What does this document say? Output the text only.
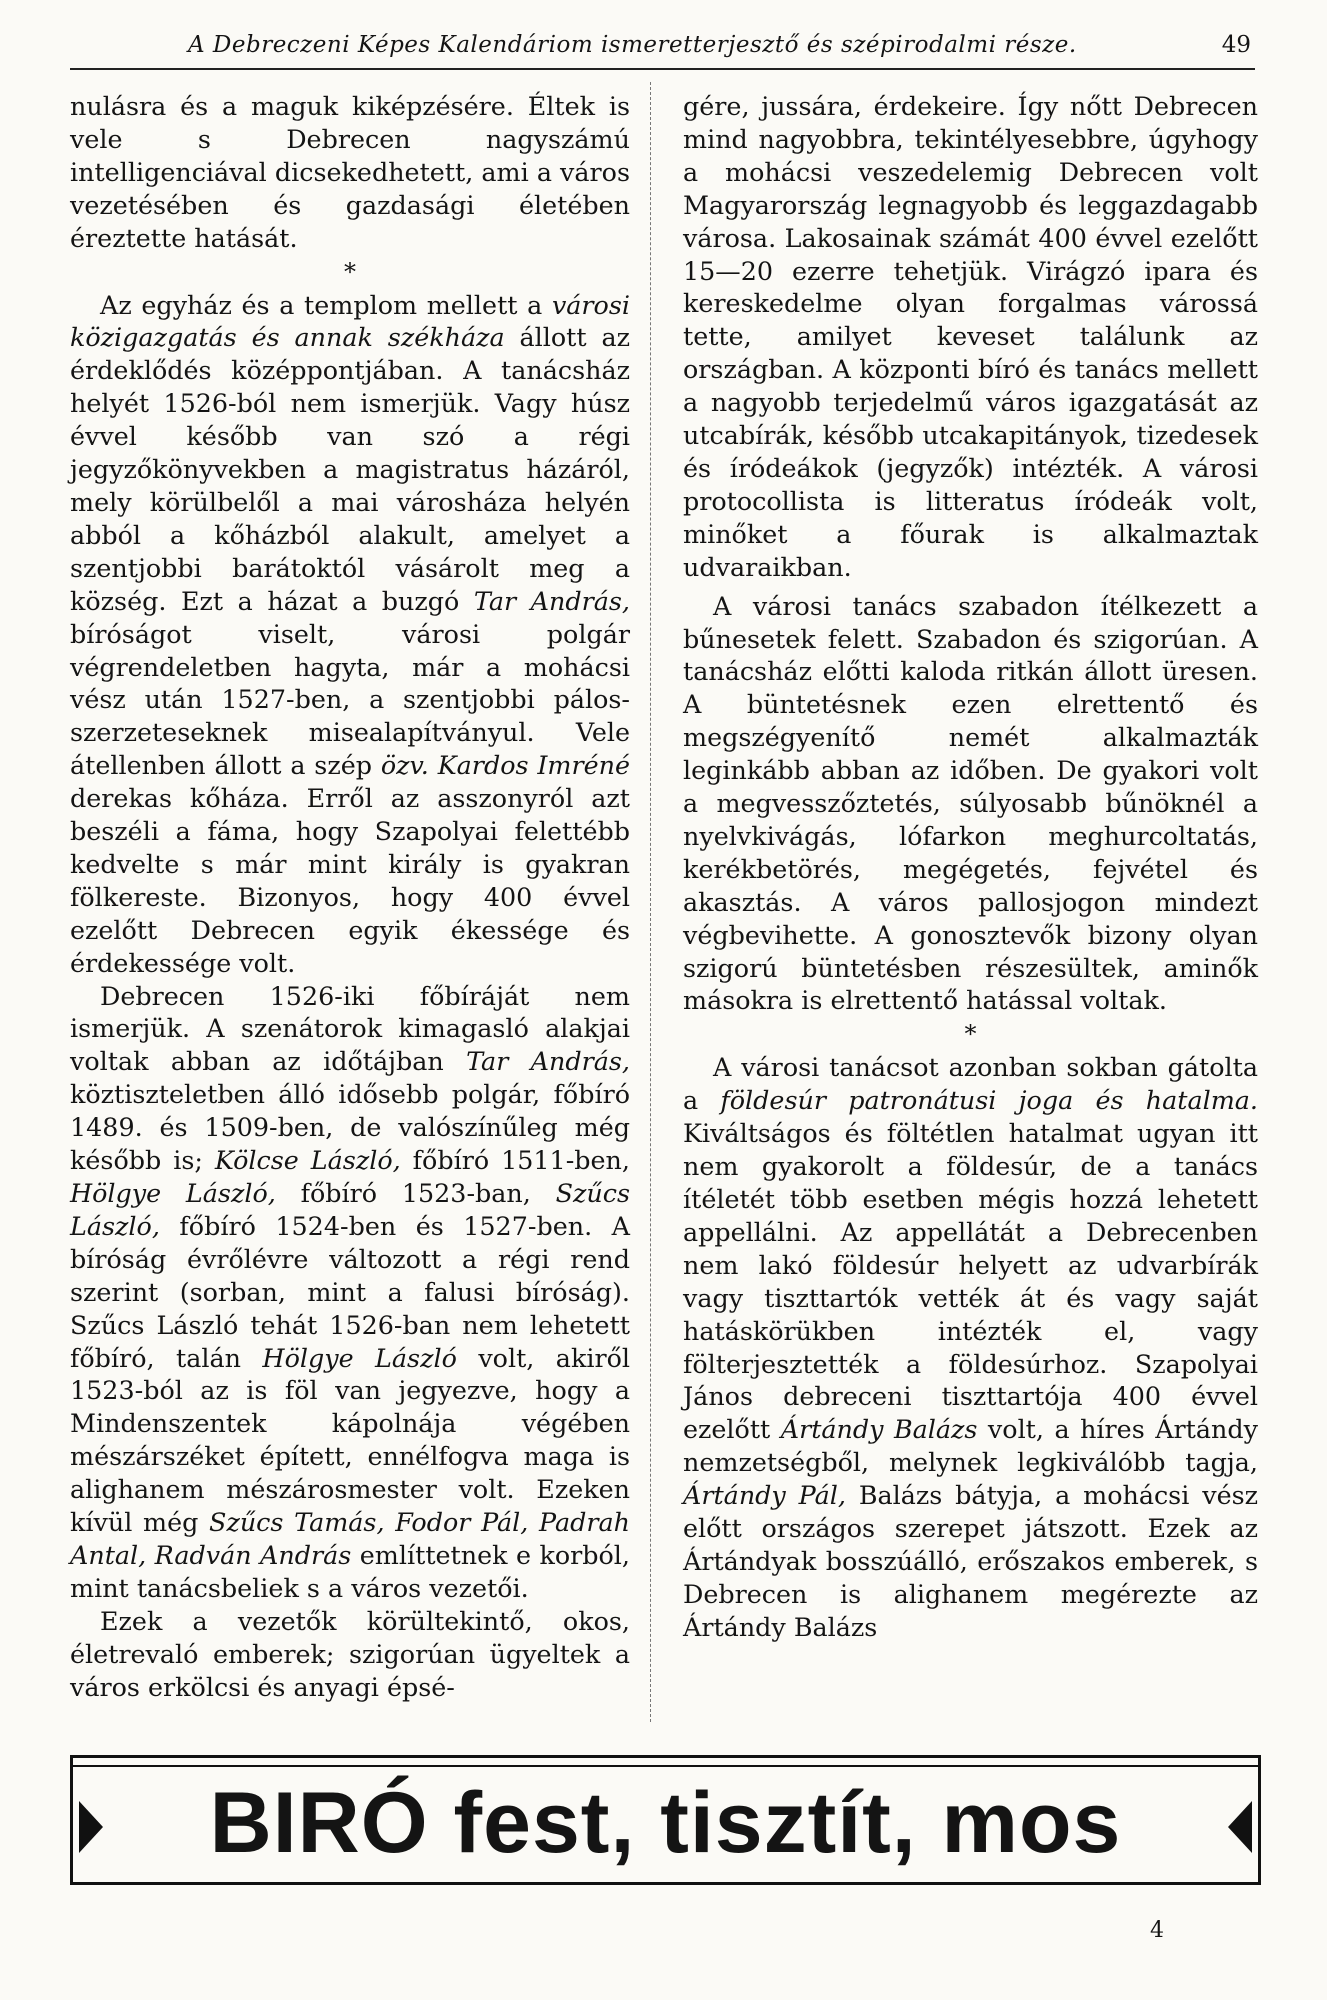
A Debreczeni Képes Kalendáriom ismeretterjesztő és szépirodalmi része.	49

nulásra és a maguk kiképzésére. Éltek is vele s Debrecen nagyszámú intelligenciával dicsekedhetett, ami a város vezetésében és gazdasági életében éreztette hatását.

*

Az egyház és a templom mellett a városi közigazgatás és annak székháza állott az érdeklődés középpontjában. A tanácsház helyét 1526-ból nem ismerjük. Vagy húsz évvel később van szó a régi jegyzőkönyvekben a magistratus házáról, mely körülbelől a mai városháza helyén abból a kőházból alakult, amelyet a szentjobbi barátoktól vásárolt meg a község. Ezt a házat a buzgó Tar András, bíróságot viselt, városi polgár végrendeletben hagyta, már a mohácsi vész után 1527-ben, a szentjobbi pálos-szerzeteseknek misealapítványul. Vele átellenben állott a szép özv. Kardos Imréné derekas kőháza. Erről az asszonyról azt beszéli a fáma, hogy Szapolyai felettébb kedvelte s már mint király is gyakran fölkereste. Bizonyos, hogy 400 évvel ezelőtt Debrecen egyik ékessége és érdekessége volt.

Debrecen 1526-iki főbíráját nem ismerjük. A szenátorok kimagasló alakjai voltak abban az időtájban Tar András, köztiszteletben álló idősebb polgár, főbíró 1489. és 1509-ben, de valószínűleg még később is; Kölcse László, főbíró 1511-ben, Hölgye László, főbíró 1523-ban, Szűcs László, főbíró 1524-ben és 1527-ben. A bíróság évrőlévre változott a régi rend szerint (sorban, mint a falusi bíróság). Szűcs László tehát 1526-ban nem lehetett főbíró, talán Hölgye László volt, akiről 1523-ból az is föl van jegyezve, hogy a Mindenszentek kápolnája végében mészárszéket épített, ennélfogva maga is alighanem mészárosmester volt. Ezeken kívül még Szűcs Tamás, Fodor Pál, Padrah Antal, Radván András említtetnek e korból, mint tanácsbeliek s a város vezetői.

Ezek a vezetők körültekintő, okos, életrevaló emberek; szigorúan ügyeltek a város erkölcsi és anyagi épsé-

gére, jussára, érdekeire. Így nőtt Debrecen mind nagyobbra, tekintélyesebbre, úgyhogy a mohácsi veszedelemig Debrecen volt Magyarország legnagyobb és leggazdagabb városa. Lakosainak számát 400 évvel ezelőtt 15—20 ezerre tehetjük. Virágzó ipara és kereskedelme olyan forgalmas várossá tette, amilyet keveset találunk az országban. A központi bíró és tanács mellett a nagyobb terjedelmű város igazgatását az utcabírák, később utcakapitányok, tizedesek és íródeákok (jegyzők) intézték. A városi protocollista is litteratus íródeák volt, minőket a főurak is alkalmaztak udvaraikban.

A városi tanács szabadon ítélkezett a bűnesetek felett. Szabadon és szigorúan. A tanácsház előtti kaloda ritkán állott üresen. A büntetésnek ezen elrettentő és megszégyenítő nemét alkalmazták leginkább abban az időben. De gyakori volt a megvesszőztetés, súlyosabb bűnöknél a nyelvkivágás, lófarkon meghurcoltatás, kerékbetörés, megégetés, fejvétel és akasztás. A város pallosjogon mindezt végbevihette. A gonosztevők bizony olyan szigorú büntetésben részesültek, aminők másokra is elrettentő hatással voltak.

*

A városi tanácsot azonban sokban gátolta a földesúr patronátusi joga és hatalma. Kiváltságos és föltétlen hatalmat ugyan itt nem gyakorolt a földesúr, de a tanács ítéletét több esetben mégis hozzá lehetett appellálni. Az appellátát a Debrecenben nem lakó földesúr helyett az udvarbírák vagy tiszttartók vették át és vagy saját hatáskörükben intézték el, vagy fölterjesztették a földesúrhoz. Szapolyai János debreceni tiszttartója 400 évvel ezelőtt Ártándy Balázs volt, a híres Ártándy nemzetségből, melynek legkiválóbb tagja, Ártándy Pál, Balázs bátyja, a mohácsi vész előtt országos szerepet játszott. Ezek az Ártándyak bosszúálló, erőszakos emberek, s Debrecen is alighanem megérezte az Ártándy Balázs

BIRÓ fest, tisztít, mos
4
